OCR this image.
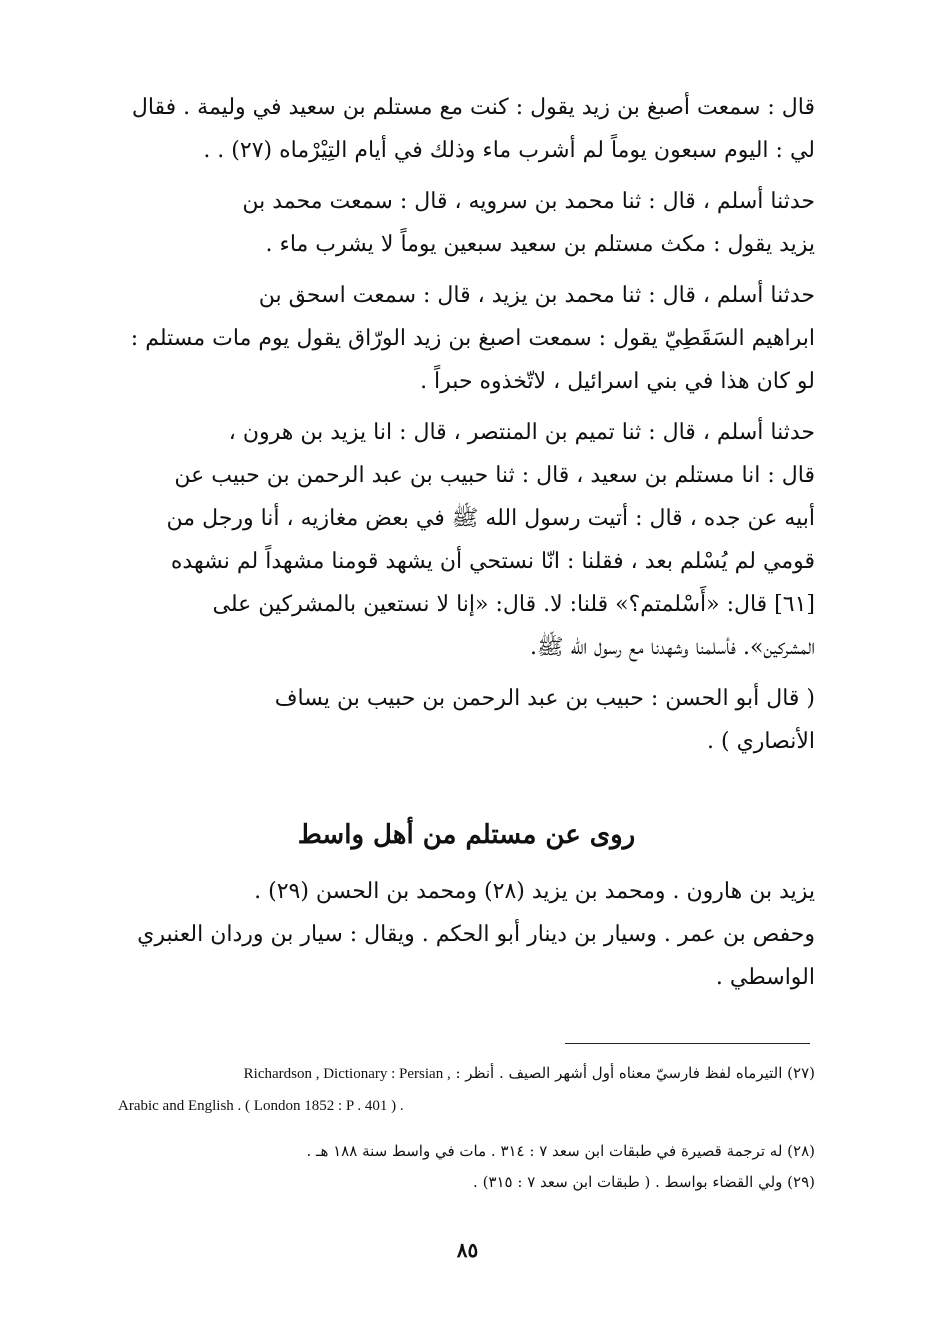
قال : سمعت أصبغ بن زيد يقول : كنت مع مستلم بن سعيد في وليمة . فقال
لي : اليوم سبعون يوماً لم أشرب ماء وذلك في أيام التِيْرْماه (٢٧) . .

حدثنا أسلم ، قال : ثنا محمد بن سرويه ، قال : سمعت محمد بن
يزيد يقول : مكث مستلم بن سعيد سبعين يوماً لا يشرب ماء .

حدثنا أسلم ، قال : ثنا محمد بن يزيد ، قال : سمعت اسحق بن
ابراهيم السَقَطِيّ يقول : سمعت اصبغ بن زيد الورّاق يقول يوم مات مستلم :
لو كان هذا في بني اسرائيل ، لاتّخذوه حبراً .

حدثنا أسلم ، قال : ثنا تميم بن المنتصر ، قال : انا يزيد بن هرون ،
قال : انا مستلم بن سعيد ، قال : ثنا حبيب بن عبد الرحمن بن حبيب عن
أبيه عن جده ، قال : أتيت رسول الله ﷺ في بعض مغازيه ، أنا ورجل من
قومي لم يُسْلم بعد ، فقلنا : انّا نستحي أن يشهد قومنا مشهداً لم نشهده
[٦١] قال: «أَسْلمتم؟» قلنا: لا. قال: «إنا لا نستعين بالمشركين على
المشركين». فأسلمنا وشهدنا مع رسول الله ﷺ.

( قال أبو الحسن : حبيب بن عبد الرحمن بن حبيب بن يساف
الأنصاري ) .

روى عن مستلم من أهل واسط

يزيد بن هارون . ومحمد بن يزيد (٢٨) ومحمد بن الحسن (٢٩) .
وحفص بن عمر . وسيار بن دينار أبو الحكم . ويقال : سيار بن وردان العنبري
الواسطي .

(٢٧) التيرماه لفظ فارسيّ معناه أول أشهر الصيف . أنظر : Richardson , Dictionary : Persian ,
Arabic and English . ( London 1852 : P . 401 ) .
(٢٨) له ترجمة قصيرة في طبقات ابن سعد ٧ : ٣١٤ . مات في واسط سنة ١٨٨ هـ .
(٢٩) ولي القضاء بواسط . ( طبقات ابن سعد ٧ : ٣١٥) .
٨٥
